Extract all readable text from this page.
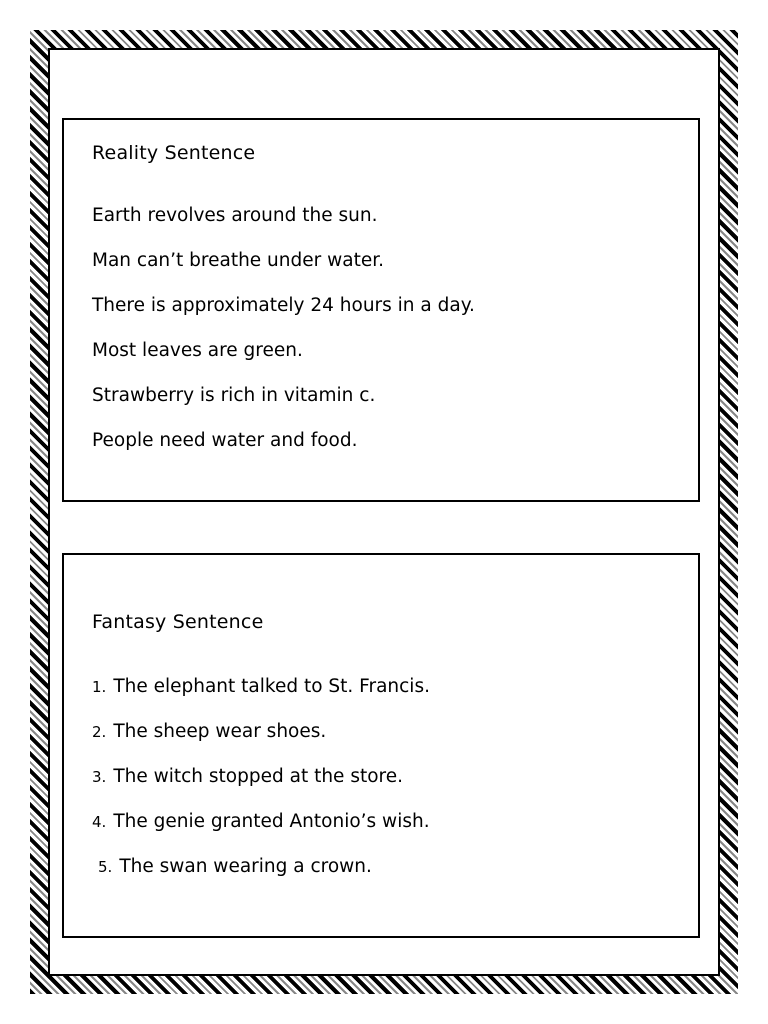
Reality Sentence
Earth revolves around the sun.
Man can’t breathe under water.
There is approximately 24 hours in a day.
Most leaves are green.
Strawberry is rich in vitamin c.
People need water and food.
Fantasy Sentence
1. The elephant talked to St. Francis.
2. The sheep wear shoes.
3. The witch stopped at the store.
4. The genie granted Antonio’s wish.
5. The swan wearing a crown.
